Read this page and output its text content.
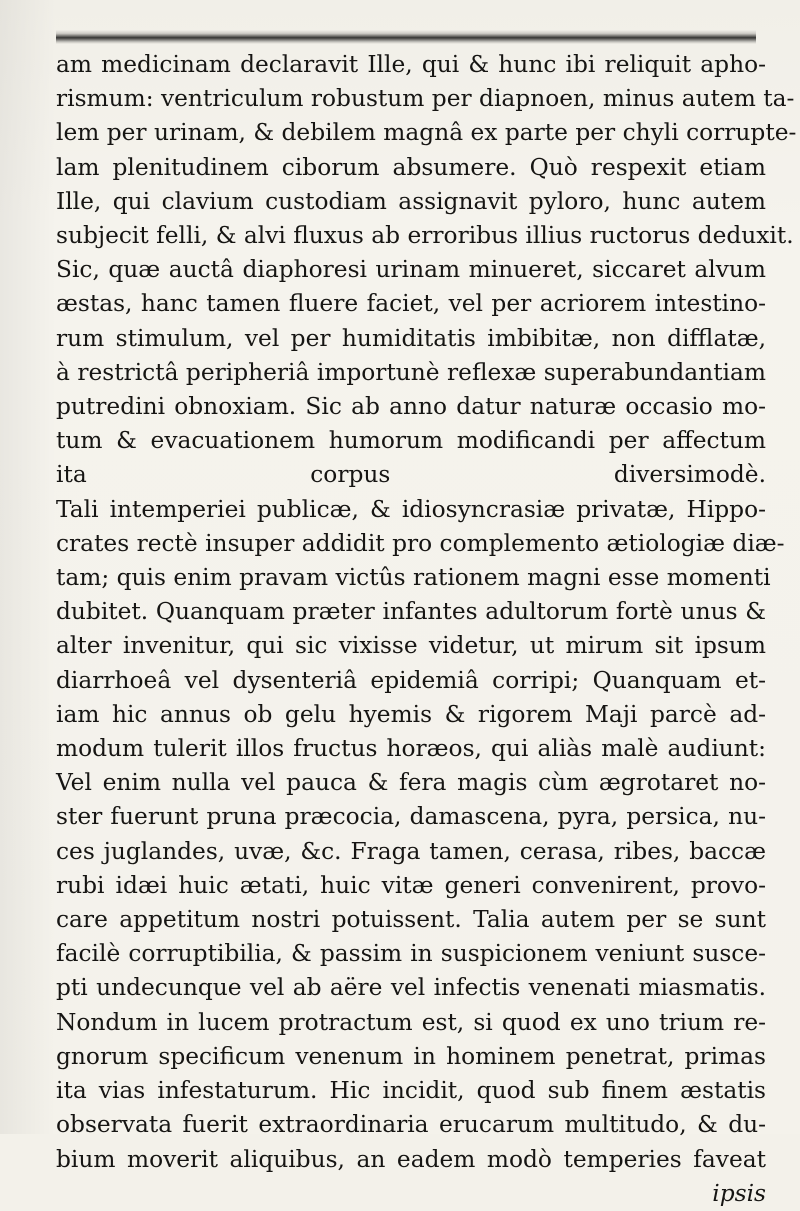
am medicinam declaravit Ille, qui & hunc ibi reliquit apho-
rismum: ventriculum robustum per diapnoen, minus autem ta-
lem per urinam, & debilem magnâ ex parte per chyli corrupte-
lam plenitudinem ciborum absumere. Quò respexit etiam
Ille, qui clavium custodiam assignavit pyloro, hunc autem
subjecit felli, & alvi fluxus ab erroribus illius ructorus deduxit.
Sic, quæ auctâ diaphoresi urinam minueret, siccaret alvum
æstas, hanc tamen fluere faciet, vel per acriorem intestino-
rum stimulum, vel per humiditatis imbibitæ, non difflatæ,
à restrictâ peripheriâ importunè reflexæ superabundantiam
putredini obnoxiam. Sic ab anno datur naturæ occasio mo-
tum & evacuationem humorum modificandi per affectum
ita corpus diversimodè.
Tali intemperiei publicæ, & idiosyncrasiæ privatæ, Hippo-
crates rectè insuper addidit pro complemento ætiologiæ diæ-
tam; quis enim pravam victûs rationem magni esse momenti
dubitet. Quanquam præter infantes adultorum fortè unus &
alter invenitur, qui sic vixisse videtur, ut mirum sit ipsum
diarrhoeâ vel dysenteriâ epidemiâ corripi; Quanquam et-
iam hic annus ob gelu hyemis & rigorem Maji parcè ad-
modum tulerit illos fructus horæos, qui aliàs malè audiunt:
Vel enim nulla vel pauca & fera magis cùm ægrotaret no-
ster fuerunt pruna præcocia, damascena, pyra, persica, nu-
ces juglandes, uvæ, &c. Fraga tamen, cerasa, ribes, baccæ
rubi idæi huic ætati, huic vitæ generi convenirent, provo-
care appetitum nostri potuissent. Talia autem per se sunt
facilè corruptibilia, & passim in suspicionem veniunt susce-
pti undecunque vel ab aëre vel infectis venenati miasmatis.
Nondum in lucem protractum est, si quod ex uno trium re-
gnorum specificum venenum in hominem penetrat, primas
ita vias infestaturum. Hic incidit, quod sub finem æstatis
observata fuerit extraordinaria erucarum multitudo, & du-
bium moverit aliquibus, an eadem modò temperies faveat
ipsis
